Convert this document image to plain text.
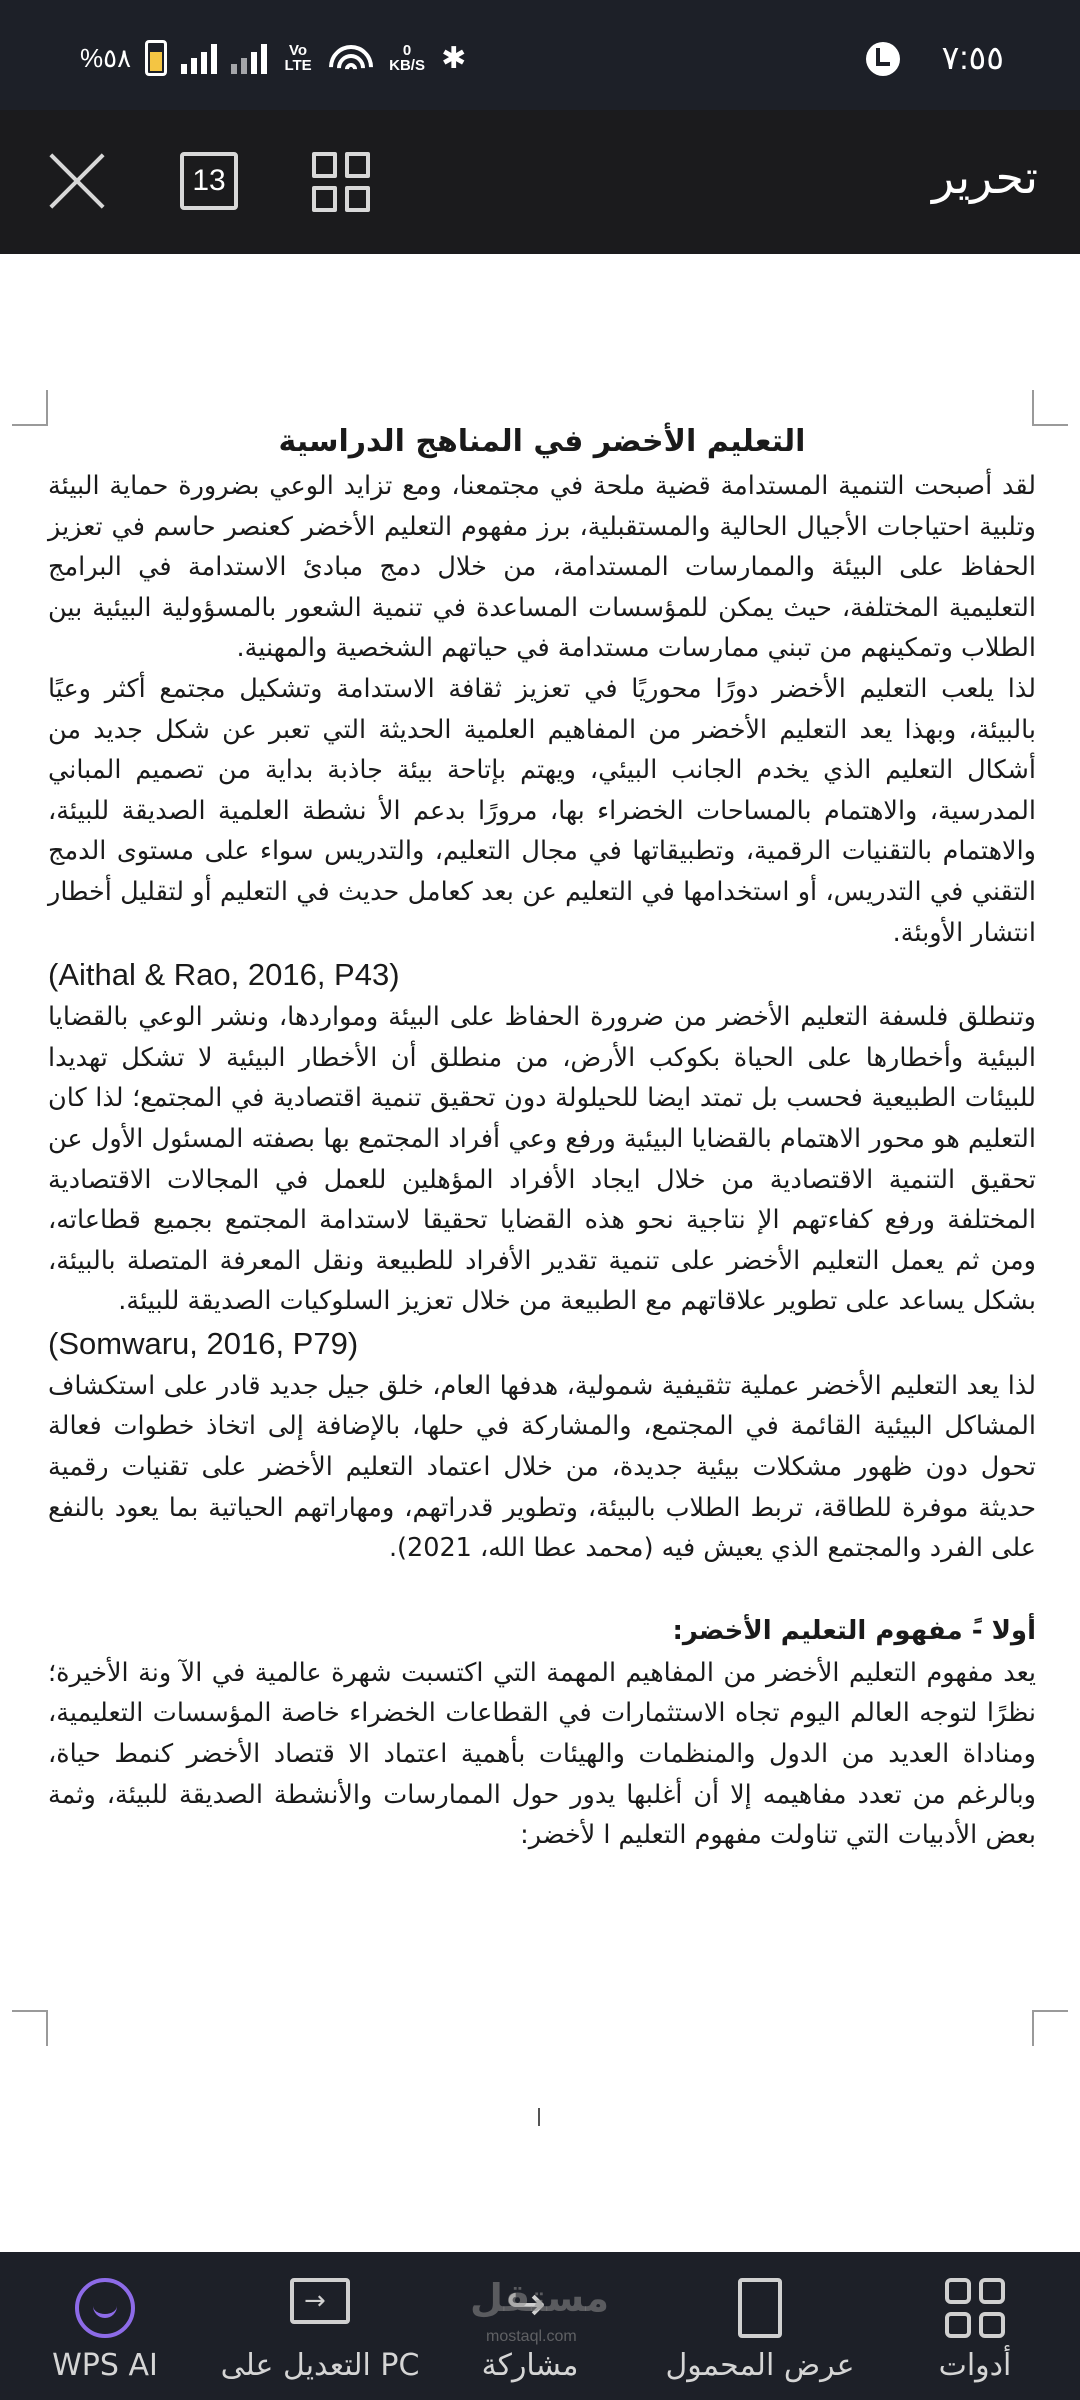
%٥٨	Vo LTE
0 KB/S ✱	٧:٥٥
13	تحرير
التعليم الأخضر في المناهج الدراسية

لقد أصبحت التنمية المستدامة قضية ملحة في مجتمعنا، ومع تزايد الوعي بضرورة حماية البيئة وتلبية احتياجات الأجيال الحالية والمستقبلية، برز مفهوم التعليم الأخضر كعنصر حاسم في تعزيز الحفاظ على البيئة والممارسات المستدامة، من خلال دمج مبادئ الاستدامة في البرامج التعليمية المختلفة، حيث يمكن للمؤسسات المساعدة في تنمية الشعور بالمسؤولية البيئية بين الطلاب وتمكينهم من تبني ممارسات مستدامة في حياتهم الشخصية والمهنية.

لذا يلعب التعليم الأخضر دورًا محوريًا في تعزيز ثقافة الاستدامة وتشكيل مجتمع أكثر وعيًا بالبيئة، وبهذا يعد التعليم الأخضر من المفاهيم العلمية الحديثة التي تعبر عن شكل جديد من أشكال التعليم الذي يخدم الجانب البيئي، ويهتم بإتاحة بيئة جاذبة بداية من تصميم المباني المدرسية، والاهتمام بالمساحات الخضراء بها، مرورًا بدعم الأ نشطة العلمية الصديقة للبيئة، والاهتمام بالتقنيات الرقمية، وتطبيقاتها في مجال التعليم، والتدريس سواء على مستوى الدمج التقني في التدريس، أو استخدامها في التعليم عن بعد كعامل حديث في التعليم أو لتقليل أخطار انتشار الأوبئة.

(Aithal & Rao, 2016, P43)

وتنطلق فلسفة التعليم الأخضر من ضرورة الحفاظ على البيئة ومواردها، ونشر الوعي بالقضايا البيئية وأخطارها على الحياة بكوكب الأرض، من منطلق أن الأخطار البيئية لا تشكل تهديدا للبيئات الطبيعية فحسب بل تمتد ايضا للحيلولة دون تحقيق تنمية اقتصادية في المجتمع؛ لذا كان التعليم هو محور الاهتمام بالقضايا البيئية ورفع وعي أفراد المجتمع بها بصفته المسئول الأول عن تحقيق التنمية الاقتصادية من خلال ايجاد الأفراد المؤهلين للعمل في المجالات الاقتصادية المختلفة ورفع كفاءتهم الإ نتاجية نحو هذه القضايا تحقيقا لاستدامة المجتمع بجميع قطاعاته، ومن ثم يعمل التعليم الأخضر على تنمية تقدير الأفراد للطبيعة ونقل المعرفة المتصلة بالبيئة، بشكل يساعد على تطوير علاقاتهم مع الطبيعة من خلال تعزيز السلوكيات الصديقة للبيئة.

(Somwaru, 2016, P79)

لذا يعد التعليم الأخضر عملية تثقيفية شمولية، هدفها العام، خلق جيل جديد قادر على استكشاف المشاكل البيئية القائمة في المجتمع، والمشاركة في حلها، بالإضافة إلى اتخاذ خطوات فعالة تحول دون ظهور مشكلات بيئية جديدة، من خلال اعتماد التعليم الأخضر على تقنيات رقمية حديثة موفرة للطاقة، تربط الطلاب بالبيئة، وتطوير قدراتهم، ومهاراتهم الحياتية بما يعود بالنفع على الفرد والمجتمع الذي يعيش فيه (محمد عطا الله، 2021).

أولا -ً مفهوم التعليم الأخضر:

يعد مفهوم التعليم الأخضر من المفاهيم المهمة التي اكتسبت شهرة عالمية في الآ ونة الأخيرة؛ نظرًا لتوجه العالم اليوم تجاه الاستثمارات في القطاعات الخضراء خاصة المؤسسات التعليمية، ومناداة العديد من الدول والمنظمات والهيئات بأهمية اعتماد الا قتصاد الأخضر كنمط حياة، وبالرغم من تعدد مفاهيمه إلا أن أغلبها يدور حول الممارسات والأنشطة الصديقة للبيئة، وثمة بعض الأدبيات التي تناولت مفهوم التعليم ا لأخضر:

WPS AI
→ التعديل على PC
↪ مشاركة	عرض المحمول	أدوات
مستقل
mostaql.com
